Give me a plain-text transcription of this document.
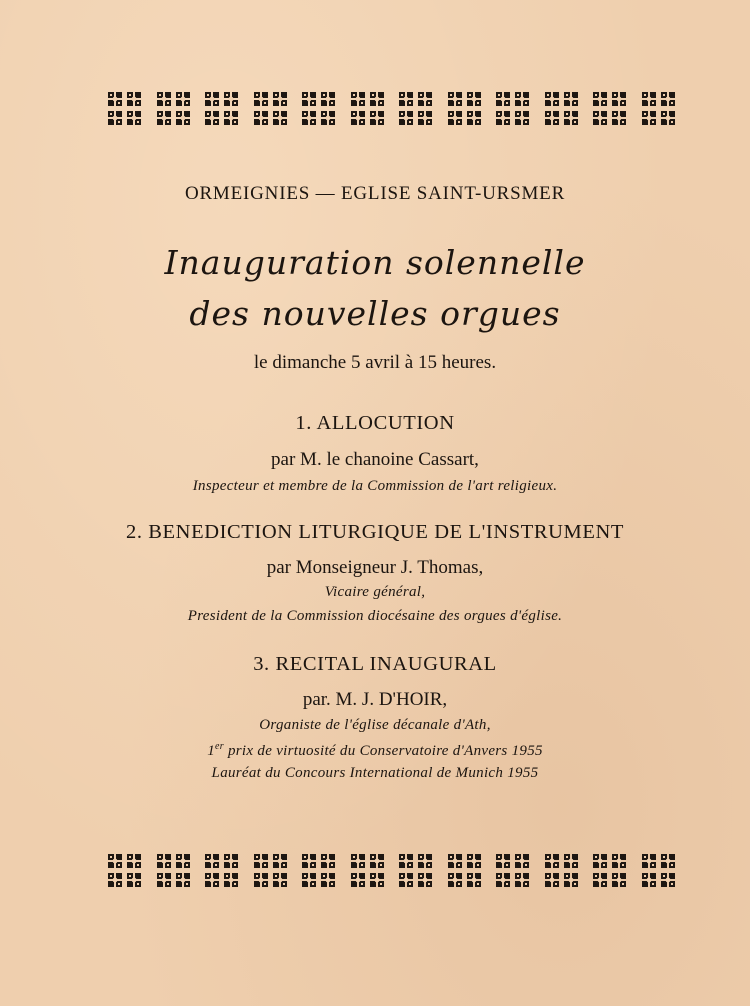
ORMEIGNIES — EGLISE SAINT-URSMER
Inauguration solennelle
des nouvelles orgues
le dimanche 5 avril à 15 heures.
1. ALLOCUTION
par M. le chanoine Cassart,
Inspecteur et membre de la Commission de l'art religieux.
2. BENEDICTION LITURGIQUE DE L'INSTRUMENT
par Monseigneur J. Thomas,
Vicaire général,
President de la Commission diocésaine des orgues d'église.
3. RECITAL INAUGURAL
par. M. J. D'HOIR,
Organiste de l'église décanale d'Ath,
1er prix de virtuosité du Conservatoire d'Anvers 1955
Lauréat du Concours International de Munich 1955
